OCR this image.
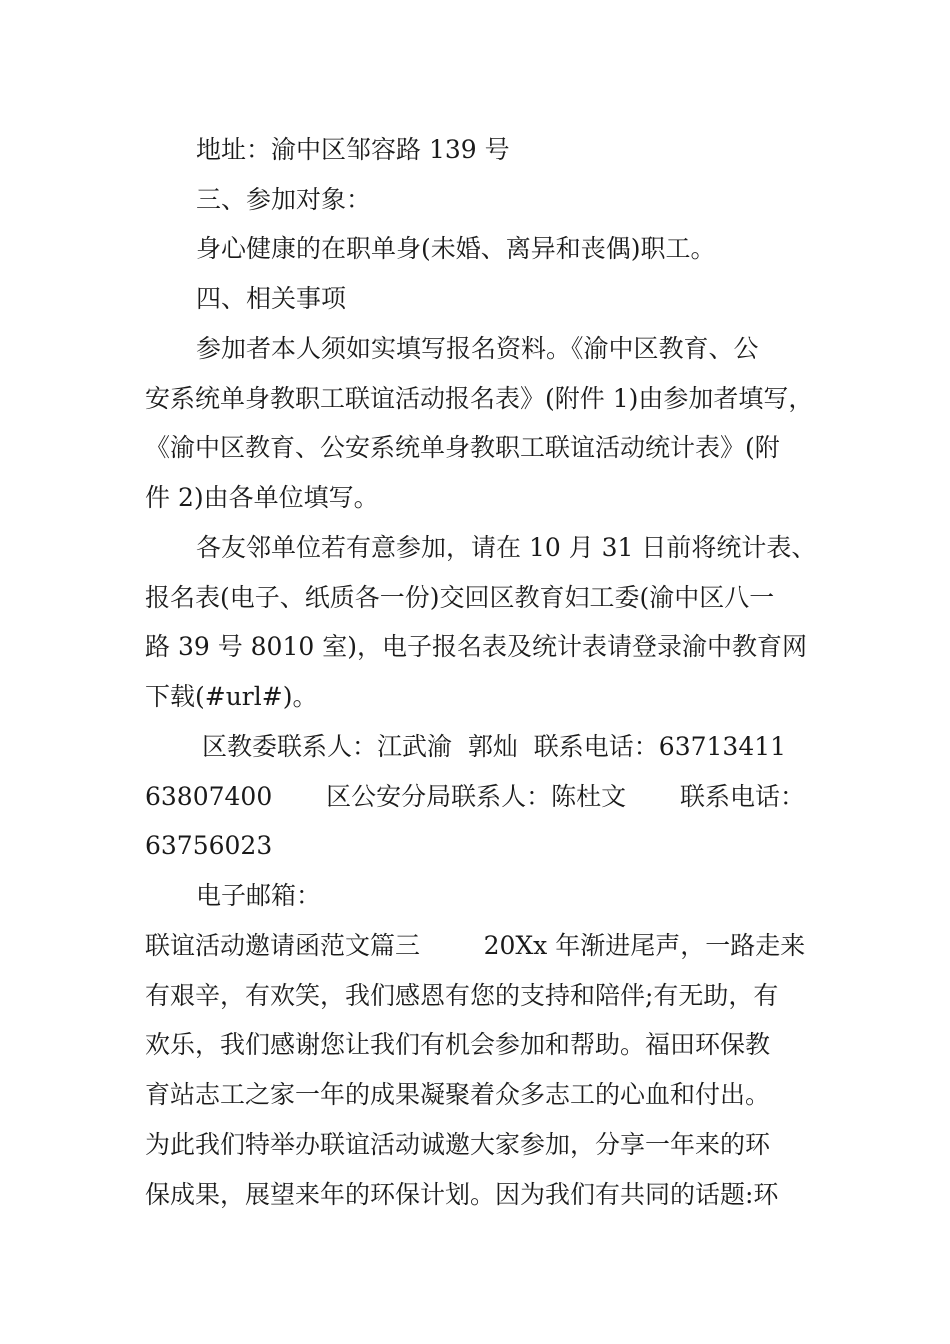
地址：渝中区邹容路 139 号
三、参加对象：
身心健康的在职单身(未婚、离异和丧偶)职工。
四、相关事项
参加者本人须如实填写报名资料。《渝中区教育、公
安系统单身教职工联谊活动报名表》(附件 1)由参加者填写，
《渝中区教育、公安系统单身教职工联谊活动统计表》(附
件 2)由各单位填写。
各友邻单位若有意参加，请在 10 月 31 日前将统计表、
报名表(电子、纸质各一份)交回区教育妇工委(渝中区八一
路 39 号 8010 室)，电子报名表及统计表请登录渝中教育网
下载(#url#)。
区教委联系人：江武渝  郭灿  联系电话：63713411
63807400 区公安分局联系人：陈杜文 联系电话：
63756023
电子邮箱：
联谊活动邀请函范文篇三        20Xx 年渐进尾声，一路走来
有艰辛，有欢笑，我们感恩有您的支持和陪伴;有无助，有
欢乐，我们感谢您让我们有机会参加和帮助。福田环保教
育站志工之家一年的成果凝聚着众多志工的心血和付出。
为此我们特举办联谊活动诚邀大家参加，分享一年来的环
保成果，展望来年的环保计划。因为我们有共同的话题:环
